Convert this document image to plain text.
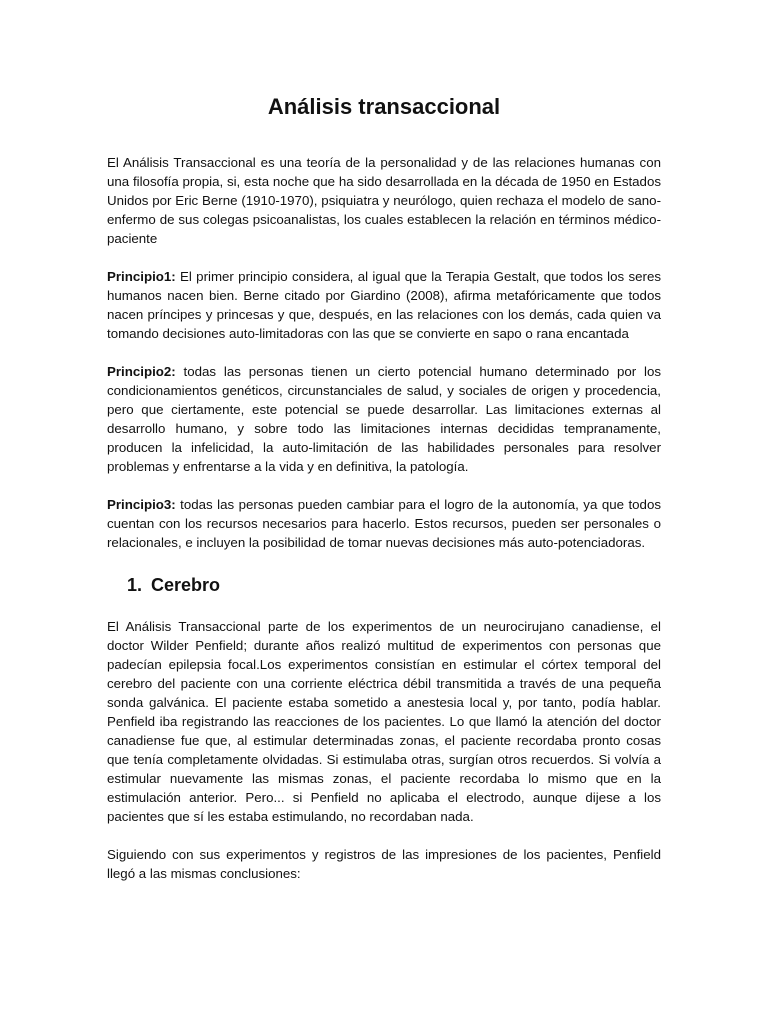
Análisis transaccional

El Análisis Transaccional es una teoría de la personalidad y de las relaciones humanas con una filosofía propia, si, esta noche que ha sido desarrollada en la década de 1950 en Estados Unidos por Eric Berne (1910-1970), psiquiatra y neurólogo, quien rechaza el modelo de sano-enfermo de sus colegas psicoanalistas, los cuales establecen la relación en términos médico-paciente

Principio1: El primer principio considera, al igual que la Terapia Gestalt, que todos los seres humanos nacen bien. Berne citado por Giardino (2008), afirma metafóricamente que todos nacen príncipes y princesas y que, después, en las relaciones con los demás, cada quien va tomando decisiones auto-limitadoras con las que se convierte en sapo o rana encantada

Principio2: todas las personas tienen un cierto potencial humano determinado por los condicionamientos genéticos, circunstanciales de salud, y sociales de origen y procedencia, pero que ciertamente, este potencial se puede desarrollar. Las limitaciones externas al desarrollo humano, y sobre todo las limitaciones internas decididas tempranamente, producen la infelicidad, la auto-limitación de las habilidades personales para resolver problemas y enfrentarse a la vida y en definitiva, la patología.

Principio3: todas las personas pueden cambiar para el logro de la autonomía, ya que todos cuentan con los recursos necesarios para hacerlo. Estos recursos, pueden ser personales o relacionales, e incluyen la posibilidad de tomar nuevas decisiones más auto-potenciadoras.

1. Cerebro

El Análisis Transaccional parte de los experimentos de un neurocirujano canadiense, el doctor Wilder Penfield; durante años realizó multitud de experimentos con personas que padecían epilepsia focal.Los experimentos consistían en estimular el córtex temporal del cerebro del paciente con una corriente eléctrica débil transmitida a través de una pequeña sonda galvánica. El paciente estaba sometido a anestesia local y, por tanto, podía hablar. Penfield iba registrando las reacciones de los pacientes. Lo que llamó la atención del doctor canadiense fue que, al estimular determinadas zonas, el paciente recordaba pronto cosas que tenía completamente olvidadas. Si estimulaba otras, surgían otros recuerdos. Si volvía a estimular nuevamente las mismas zonas, el paciente recordaba lo mismo que en la estimulación anterior. Pero... si Penfield no aplicaba el electrodo, aunque dijese a los pacientes que sí les estaba estimulando, no recordaban nada.

Siguiendo con sus experimentos y registros de las impresiones de los pacientes, Penfield llegó a las mismas conclusiones:
